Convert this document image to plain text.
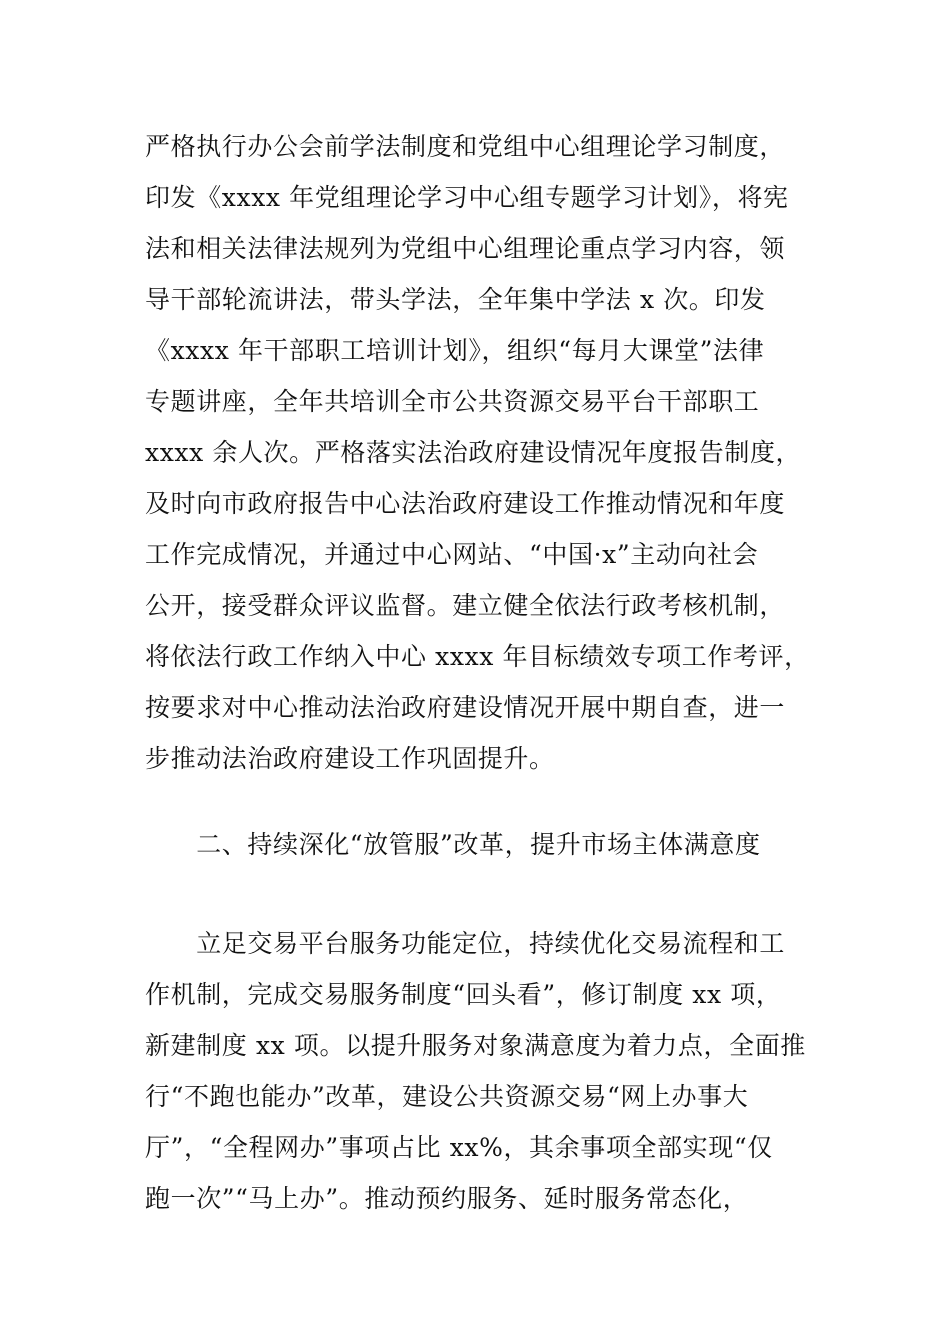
严格执行办公会前学法制度和党组中心组理论学习制度，
印发《xxxx 年党组理论学习中心组专题学习计划》，将宪
法和相关法律法规列为党组中心组理论重点学习内容，领
导干部轮流讲法，带头学法，全年集中学法 x 次。印发
《xxxx 年干部职工培训计划》，组织“每月大课堂”法律
专题讲座，全年共培训全市公共资源交易平台干部职工
xxxx 余人次。严格落实法治政府建设情况年度报告制度，
及时向市政府报告中心法治政府建设工作推动情况和年度
工作完成情况，并通过中心网站、“中国·x”主动向社会
公开，接受群众评议监督。建立健全依法行政考核机制，
将依法行政工作纳入中心 xxxx 年目标绩效专项工作考评，
按要求对中心推动法治政府建设情况开展中期自查，进一
步推动法治政府建设工作巩固提升。
　　二、持续深化“放管服”改革，提升市场主体满意度
　　立足交易平台服务功能定位，持续优化交易流程和工
作机制，完成交易服务制度“回头看”，修订制度 xx 项，
新建制度 xx 项。以提升服务对象满意度为着力点，全面推
行“不跑也能办”改革，建设公共资源交易“网上办事大
厅”，“全程网办”事项占比 xx%，其余事项全部实现“仅
跑一次”“马上办”。推动预约服务、延时服务常态化，
